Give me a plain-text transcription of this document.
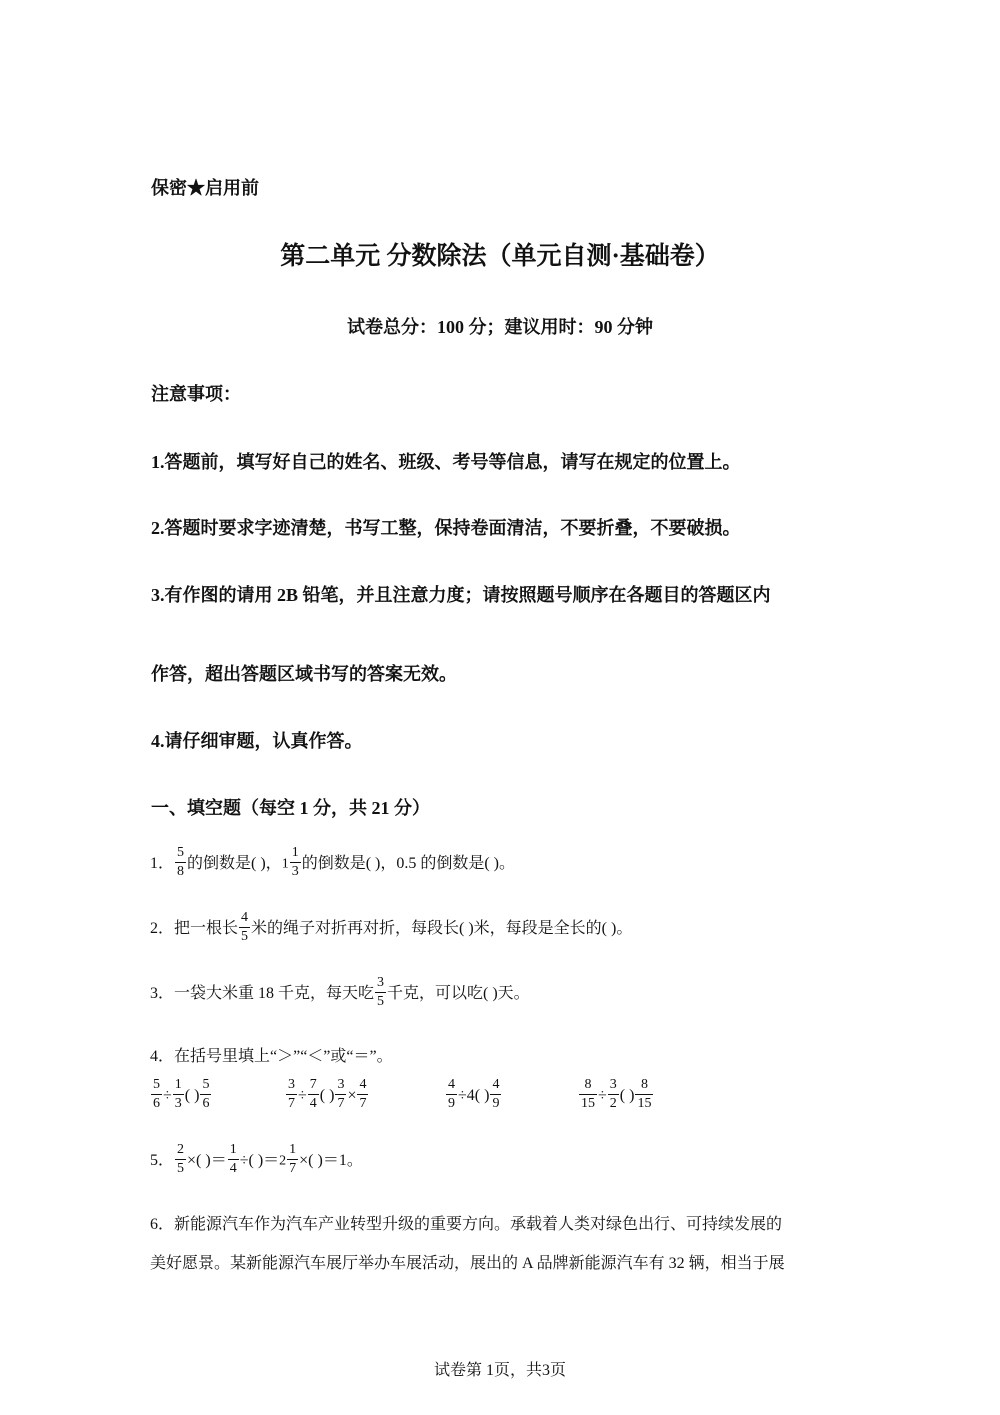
保密★启用前
第二单元 分数除法（单元自测·基础卷）
试卷总分：100 分；建议用时：90 分钟
注意事项：
1.答题前，填写好自己的姓名、班级、考号等信息，请写在规定的位置上。
2.答题时要求字迹清楚，书写工整，保持卷面清洁，不要折叠，不要破损。
3.有作图的请用 2B 铅笔，并且注意力度；请按照题号顺序在各题目的答题区内
作答，超出答题区域书写的答案无效。
4.请仔细审题，认真作答。
一、填空题（每空 1 分，共 21 分）
1． $\frac{5}{8}$ 的倒数是( )，$1 \frac{1}{3}$ 的倒数是( )，0.5 的倒数是( )。
2．把一根长 $\frac{4}{5}$ 米的绳子对折再对折，每段长( )米，每段是全长的( )。
3．一袋大米重 18 千克，每天吃 $\frac{3}{5}$ 千克，可以吃( )天。
4．在括号里填上“＞”“＜”或“＝”。
$\frac{5}{6} \div \frac{1}{3}$ ( ) $\frac{5}{6}$	$\frac{3}{7} \div \frac{7}{4}$ ( ) $\frac{3}{7} \times \frac{4}{7}$	$\frac{4}{9} \div 4$( ) $\frac{4}{9}$	$\frac{8}{15} \div \frac{3}{2}$ ( ) $\frac{8}{15}$
5． $\frac{2}{5}$ ×( )＝ $\frac{1}{4}$ ÷( )$=2 \frac{1}{7}$ ×( )＝1。
6．新能源汽车作为汽车产业转型升级的重要方向。承载着人类对绿色出行、可持续发展的
美好愿景。某新能源汽车展厅举办车展活动，展出的 A 品牌新能源汽车有 32 辆，相当于展
试卷第 1页，共3页
